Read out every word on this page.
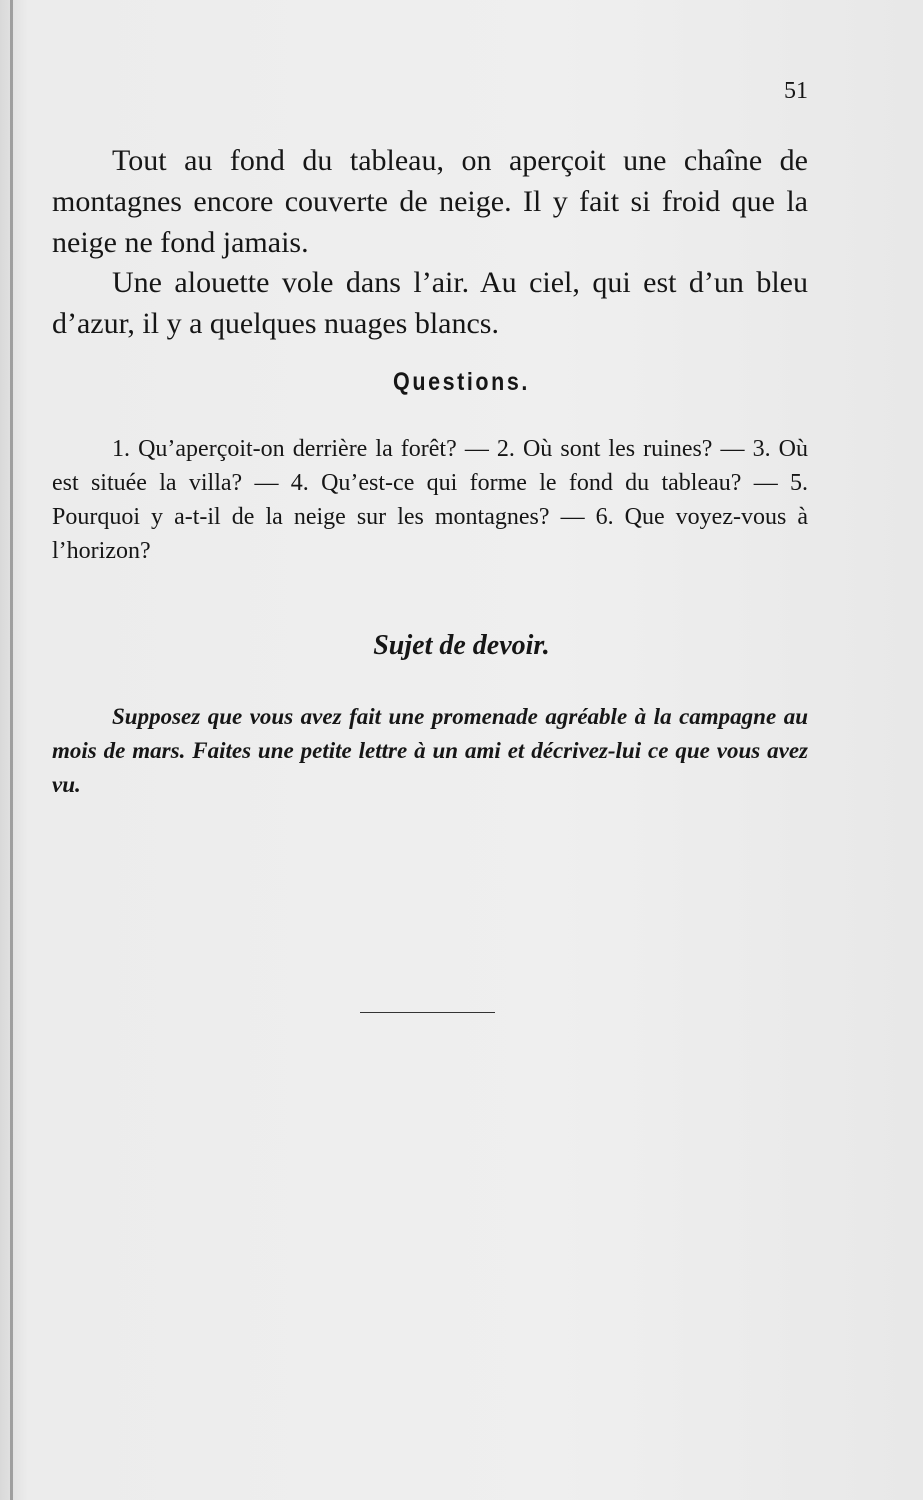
51

Tout au fond du tableau, on aperçoit une chaîne de montagnes encore couverte de neige. Il y fait si froid que la neige ne fond jamais.

Une alouette vole dans l’air. Au ciel, qui est d’un bleu d’azur, il y a quelques nuages blancs.

Questions.

1. Qu’aperçoit-on derrière la forêt? — 2. Où sont les ruines? — 3. Où est située la villa? — 4. Qu’est-ce qui forme le fond du tableau? — 5. Pourquoi y a-t-il de la neige sur les montagnes? — 6. Que voyez-vous à l’horizon?

Sujet de devoir.

Supposez que vous avez fait une promenade agréable à la campagne au mois de mars. Faites une petite lettre à un ami et décrivez-lui ce que vous avez vu.
